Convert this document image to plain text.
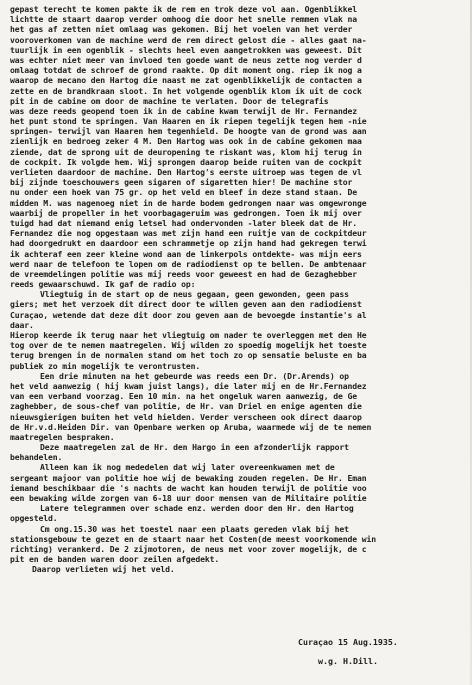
gepast terecht te komen pakte ik de rem en trok deze vol aan. Ogenblikkel
lichtte de staart daarop verder omhoog die door het snelle remmen vlak na
het gas af zetten niet omlaag was gekomen. Bij het voelen van het verder
vooroverkomen van de machine werd de rem direct gelost die - alles gaat na-
tuurlijk in een ogenblik - slechts heel even aangetrokken was geweest. Dit
was echter niet meer van invloed ten goede want de neus zette nog verder d
omlaag totdat de schroef de grond raakte. Op dit moment ong. riep ik nog a
waarop de mecano den Hartog die naast me zat ogenblikkelijk de contacten a
zette en de brandkraan sloot. In het volgende ogenblik klom ik uit de cock
pit in de cabine om door de machine te verlaten. Door de telegrafis
was deze reeds geopend toen ik in de cabine kwam terwijl de Hr. Fernandez
het punt stond te springen. Van Haaren en ik riepen tegelijk tegen hem -nie
springen- terwijl van Haaren hem tegenhield. De hoogte van de grond was aan
zienlijk en bedroeg zeker 4 M. Den Hartog was ook in de cabine gekomen maa
ziende, dat de sprong uit de deuropening te riskant was, klom hij terug in
de cockpit. Ik volgde hem. Wij sprongen daarop beide ruiten van de cockpit
verlieten daardoor de machine. Den Hartog's eerste uitroep was tegen de vl
bij zijnde toeschouwers geen sigaren of sigaretten hier! De machine stor
nu onder een hoek van 75 gr. op het veld en bleef in deze stand staan. De
midden M. was nagenoeg niet in de harde bodem gedrongen naar was omgewronge
waarbij de propeller in het voorbagageruim was gedrongen. Toen ik mij over
tuigd had dat niemand enig letsel had ondervonden -later bleek dat de Hr.
Fernandez die nog opgestaan was met zijn hand een ruitje van de cockpitdeur
had doorgedrukt en daardoor een schrammetje op zijn hand had gekregen terwi
ik achteraf een zeer kleine wond aan de linkerpols ontdekte- was mijn eers
werd naar de telefoon te lopen om de radiodienst op te bellen. De ambtenaar
de vreemdelingen politie was mij reeds voor geweest en had de Gezaghebber
reeds gewaarschuwd. Ik gaf de radio op:
Vliegtuig in de start op de neus gegaan, geen gewonden, geen pass
giers; met het verzoek dit direct door te willen geven aan den radiodienst
Curaçao, wetende dat deze dit door zou geven aan de bevoegde instantie's al
daar.
Hierop keerde ik terug naar het vliegtuig om nader te overleggen met den He
tog over de te nemen maatregelen. Wij wilden zo spoedig mogelijk het toeste
terug brengen in de normalen stand om het toch zo op sensatie beluste en ba
publiek zo min mogelijk te verontrusten.
Een drie minuten na het gebeurde was reeds een Dr. (Dr.Arends) op
het veld aanwezig ( hij kwam juist langs), die later mij en de Hr.Fernandez
van een verband voorzag. Een 10 min. na het ongeluk waren aanwezig, de Ge
zaghebber, de sous-chef van politie, de Hr. van Driel en enige agenten die
nieuwsgierigen buiten het veld hielden. Verder verscheen ook direct daarop
de Hr.v.d.Heiden Dir. van Openbare werken op Aruba, waarmede wij de te nemen
maatregelen bespraken.
Deze maatregelen zal de Hr. den Hargo in een afzonderlijk rapport
behandelen.
Alleen kan ik nog mededelen dat wij later overeenkwamen met de
sergeant majoor van politie hoe wij de bewaking zouden regelen. De Hr. Eman
iemand beschikbaar die 's nachts de wacht kan houden terwijl de politie voo
een bewaking wilde zorgen van 6-18 uur door mensen van de Militaire politie
Latere telegrammen over schade enz. werden door den Hr. den Hartog
opgesteld.
Cm ong.15.30 was het toestel naar een plaats gereden vlak bij het
stationsgebouw te gezet en de staart naar het Costen(de meest voorkomende win
richting) verankerd. De 2 zijmotoren, de neus met voor zover mogelijk, de c
pit en de banden waren door zeilen afgedekt.
Daarop verlieten wij het veld.
Curaçao 15 Aug.1935.
w.g. H.Dill.
